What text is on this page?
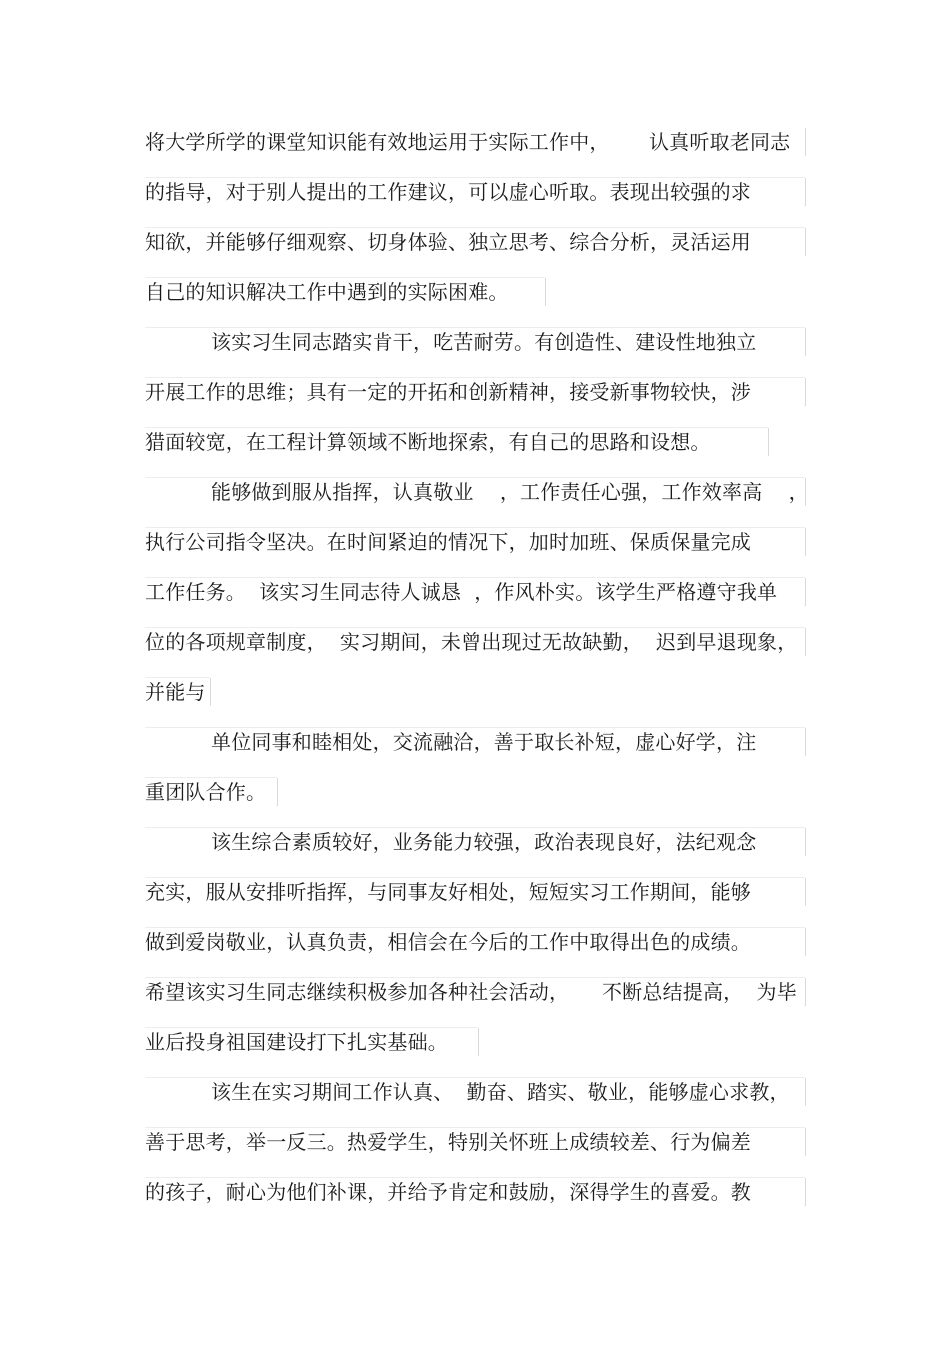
将大学所学的课堂知识能有效地运用于实际工作中，      认真听取老同志
的指导，对于别人提出的工作建议，可以虚心听取。表现出较强的求
知欲，并能够仔细观察、切身体验、独立思考、综合分析，灵活运用
自己的知识解决工作中遇到的实际困难。
该实习生同志踏实肯干，吃苦耐劳。有创造性、建设性地独立
开展工作的思维；具有一定的开拓和创新精神，接受新事物较快，涉
猎面较宽，在工程计算领域不断地探索，有自己的思路和设想。
能够做到服从指挥，认真敬业    ，工作责任心强，工作效率高    ，
执行公司指令坚决。在时间紧迫的情况下，加时加班、保质保量完成
工作任务。  该实习生同志待人诚恳  ，作风朴实。该学生严格遵守我单
位的各项规章制度，  实习期间，未曾出现过无故缺勤，  迟到早退现象，
并能与
单位同事和睦相处，交流融洽，善于取长补短，虚心好学，注
重团队合作。
该生综合素质较好，业务能力较强，政治表现良好，法纪观念
充实，服从安排听指挥，与同事友好相处，短短实习工作期间，能够
做到爱岗敬业，认真负责，相信会在今后的工作中取得出色的成绩。
希望该实习生同志继续积极参加各种社会活动，     不断总结提高，  为毕
业后投身祖国建设打下扎实基础。
该生在实习期间工作认真、  勤奋、踏实、敬业，能够虚心求教，
善于思考，举一反三。热爱学生，特别关怀班上成绩较差、行为偏差
的孩子，耐心为他们补课，并给予肯定和鼓励，深得学生的喜爱。教
